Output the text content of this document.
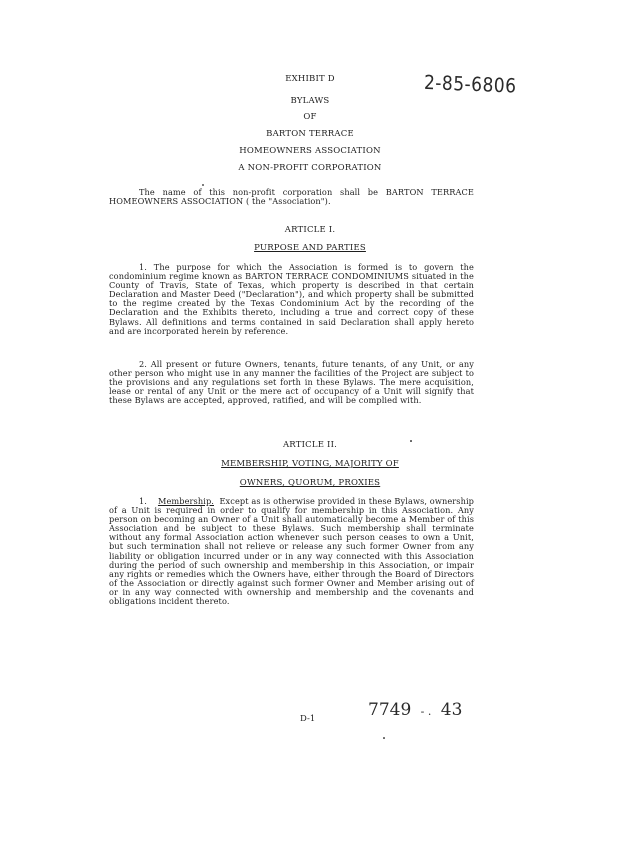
EXHIBIT D	2-85-6806
BYLAWS
OF
BARTON TERRACE
HOMEOWNERS ASSOCIATION
A NON-PROFIT CORPORATION

The name of this non-profit corporation shall be BARTON TERRACE HOMEOWNERS ASSOCIATION ( the "Association").

ARTICLE I.
PURPOSE AND PARTIES

1. The purpose for which the Association is formed is to govern the condominium regime known as BARTON TERRACE CONDOMINIUMS situated in the County of Travis, State of Texas, which property is described in that certain Declaration and Master Deed ("Declaration"), and which property shall be submitted to the regime created by the Texas Condominium Act by the recording of the Declaration and the Exhibits thereto, including a true and correct copy of these Bylaws. All definitions and terms contained in said Declaration shall apply hereto and are incorporated herein by reference.

2. All present or future Owners, tenants, future tenants, of any Unit, or any other person who might use in any manner the facilities of the Project are subject to the provisions and any regulations set forth in these Bylaws. The mere acquisition, lease or rental of any Unit or the mere act of occupancy of a Unit will signify that these Bylaws are accepted, approved, ratified, and will be complied with.

ARTICLE II.
MEMBERSHIP, VOTING, MAJORITY OF
OWNERS, QUORUM, PROXIES

1. Membership. Except as is otherwise provided in these Bylaws, ownership of a Unit is required in order to qualify for membership in this Association. Any person on becoming an Owner of a Unit shall automatically become a Member of this Association and be subject to these Bylaws. Such membership shall terminate without any formal Association action whenever such person ceases to own a Unit, but such termination shall not relieve or release any such former Owner from any liability or obligation incurred under or in any way connected with this Association during the period of such ownership and membership in this Association, or impair any rights or remedies which the Owners have, either through the Board of Directors of the Association or directly against such former Owner and Member arising out of or in any way connected with ownership and membership and the covenants and obligations incident thereto.

D-1	7749 - . 43
